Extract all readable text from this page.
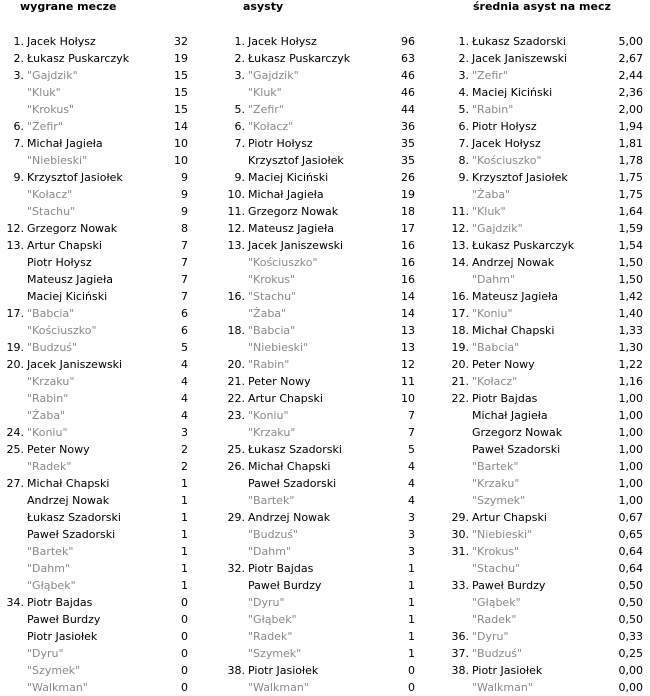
wygrane mecze
1. Jacek Hołysz	32
2. Łukasz Puskarczyk	19
3. "Gajdzik"	15
"Kluk"	15
"Krokus"	15
6. "Zefir"	14
7. Michał Jagieła	10
"Niebieski"	10
9. Krzysztof Jasiołek	9
"Kołacz"	9
"Stachu"	9
12. Grzegorz Nowak	8
13. Artur Chapski	7
Piotr Hołysz	7
Mateusz Jagieła	7
Maciej Kiciński	7
17. "Babcia"	6
"Kościuszko"	6
19. "Budzuś"	5
20. Jacek Janiszewski	4
"Krzaku"	4
"Rabin"	4
"Żaba"	4
24. "Koniu"	3
25. Peter Nowy	2
"Radek"	2
27. Michał Chapski	1
Andrzej Nowak	1
Łukasz Szadorski	1
Paweł Szadorski	1
"Bartek"	1
"Dahm"	1
"Głąbek"	1
34. Piotr Bajdas	0
Paweł Burdzy	0
Piotr Jasiołek	0
"Dyru"	0
"Szymek"	0
"Walkman"	0
asysty
1. Jacek Hołysz	96
2. Łukasz Puskarczyk	63
3. "Gajdzik"	46
"Kluk"	46
5. "Zefir"	44
6. "Kołacz"	36
7. Piotr Hołysz	35
Krzysztof Jasiołek	35
9. Maciej Kiciński	26
10. Michał Jagieła	19
11. Grzegorz Nowak	18
12. Mateusz Jagieła	17
13. Jacek Janiszewski	16
"Kościuszko"	16
"Krokus"	16
16. "Stachu"	14
"Żaba"	14
18. "Babcia"	13
"Niebieski"	13
20. "Rabin"	12
21. Peter Nowy	11
22. Artur Chapski	10
23. "Koniu"	7
"Krzaku"	7
25. Łukasz Szadorski	5
26. Michał Chapski	4
Paweł Szadorski	4
"Bartek"	4
29. Andrzej Nowak	3
"Budzuś"	3
"Dahm"	3
32. Piotr Bajdas	1
Paweł Burdzy	1
"Dyru"	1
"Głąbek"	1
"Radek"	1
"Szymek"	1
38. Piotr Jasiołek	0
"Walkman"	0
średnia asyst na mecz
1. Łukasz Szadorski	5,00
2. Jacek Janiszewski	2,67
3. "Zefir"	2,44
4. Maciej Kiciński	2,36
5. "Rabin"	2,00
6. Piotr Hołysz	1,94
7. Jacek Hołysz	1,81
8. "Kościuszko"	1,78
9. Krzysztof Jasiołek	1,75
"Żaba"	1,75
11. "Kluk"	1,64
12. "Gajdzik"	1,59
13. Łukasz Puskarczyk	1,54
14. Andrzej Nowak	1,50
"Dahm"	1,50
16. Mateusz Jagieła	1,42
17. "Koniu"	1,40
18. Michał Chapski	1,33
19. "Babcia"	1,30
20. Peter Nowy	1,22
21. "Kołacz"	1,16
22. Piotr Bajdas	1,00
Michał Jagieła	1,00
Grzegorz Nowak	1,00
Paweł Szadorski	1,00
"Bartek"	1,00
"Krzaku"	1,00
"Szymek"	1,00
29. Artur Chapski	0,67
30. "Niebieski"	0,65
31. "Krokus"	0,64
"Stachu"	0,64
33. Paweł Burdzy	0,50
"Głąbek"	0,50
"Radek"	0,50
36. "Dyru"	0,33
37. "Budzuś"	0,25
38. Piotr Jasiołek	0,00
"Walkman"	0,00
